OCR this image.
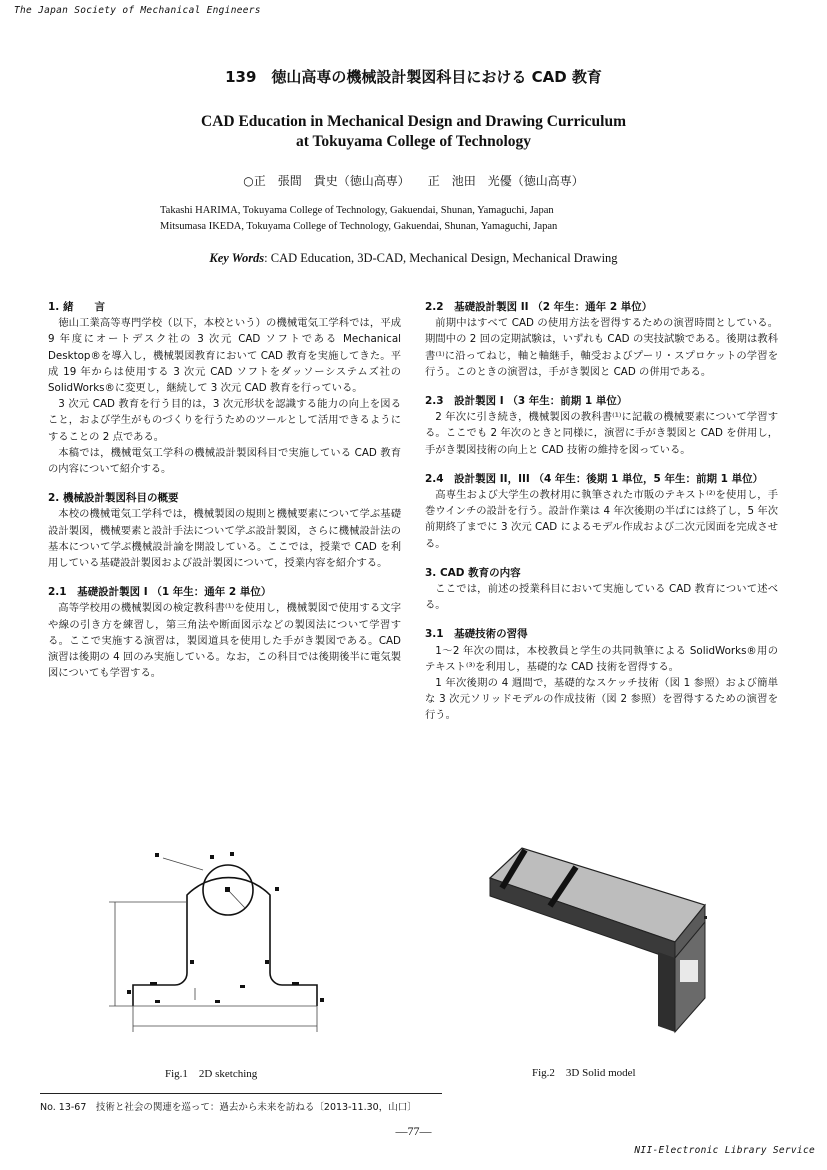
The Japan Society of Mechanical Engineers
139　徳山高専の機械設計製図科目における CAD 教育
CAD Education in Mechanical Design and Drawing Curriculum
at Tokuyama College of Technology
○正　張間　貴史（徳山高専）　　正　池田　光優（徳山高専）
Takashi HARIMA, Tokuyama College of Technology, Gakuendai, Shunan, Yamaguchi, Japan
Mitsumasa IKEDA, Tokuyama College of Technology, Gakuendai, Shunan, Yamaguchi, Japan
Key Words: CAD Education, 3D-CAD, Mechanical Design, Mechanical Drawing

1. 緒　　言

徳山工業高等専門学校（以下，本校という）の機械電気工学科では，平成 9 年度にオートデスク社の 3 次元 CAD ソフトである Mechanical Desktop®を導入し，機械製図教育において CAD 教育を実施してきた。平成 19 年からは使用する 3 次元 CAD ソフトをダッソーシステムズ社の SolidWorks®に変更し，継続して 3 次元 CAD 教育を行っている。

3 次元 CAD 教育を行う目的は，3 次元形状を認識する能力の向上を図ること，および学生がものづくりを行うためのツールとして活用できるようにすることの 2 点である。

本稿では，機械電気工学科の機械設計製図科目で実施している CAD 教育の内容について紹介する。

2. 機械設計製図科目の概要

本校の機械電気工学科では，機械製図の規則と機械要素について学ぶ基礎設計製図，機械要素と設計手法について学ぶ設計製図，さらに機械設計法の基本について学ぶ機械設計論を開設している。ここでは，授業で CAD を利用している基礎設計製図および設計製図について，授業内容を紹介する。

2.1　基礎設計製図 I （1 年生：通年 2 単位）

高等学校用の機械製図の検定教科書⁽¹⁾を使用し，機械製図で使用する文字や線の引き方を練習し，第三角法や断面図示などの製図法について学習する。ここで実施する演習は，製図道具を使用した手がき製図である。CAD 演習は後期の 4 回のみ実施している。なお，この科目では後期後半に電気製図についても学習する。

2.2　基礎設計製図 II （2 年生：通年 2 単位）

前期中はすべて CAD の使用方法を習得するための演習時間としている。期間中の 2 回の定期試験は，いずれも CAD の実技試験である。後期は教科書⁽¹⁾に沿ってねじ，軸と軸継手，軸受およびプーリ・スプロケットの学習を行う。このときの演習は，手がき製図と CAD の併用である。

2.3　設計製図 I （3 年生：前期 1 単位）

2 年次に引き続き，機械製図の教科書⁽¹⁾に記載の機械要素について学習する。ここでも 2 年次のときと同様に，演習に手がき製図と CAD を併用し，手がき製図技術の向上と CAD 技術の維持を図っている。

2.4　設計製図 II，III （4 年生：後期 1 単位，5 年生：前期 1 単位）

高専生および大学生の教材用に執筆された市販のテキスト⁽²⁾を使用し，手巻ウインチの設計を行う。設計作業は 4 年次後期の半ばには終了し，5 年次前期終了までに 3 次元 CAD によるモデル作成および二次元図面を完成させる。

3. CAD 教育の内容

ここでは，前述の授業科目において実施している CAD 教育について述べる。

3.1　基礎技術の習得

1～2 年次の間は，本校教員と学生の共同執筆による SolidWorks®用のテキスト⁽³⁾を利用し，基礎的な CAD 技術を習得する。

1 年次後期の 4 週間で，基礎的なスケッチ技術（図 1 参照）および簡単な 3 次元ソリッドモデルの作成技術（図 2 参照）を習得するための演習を行う。

Fig.1　2D sketching	Fig.2　3D Solid model
No. 13-67　技術と社会の関連を巡って：過去から未来を訪ねる〔2013-11.30，山口〕
—77—
NII-Electronic Library Service
